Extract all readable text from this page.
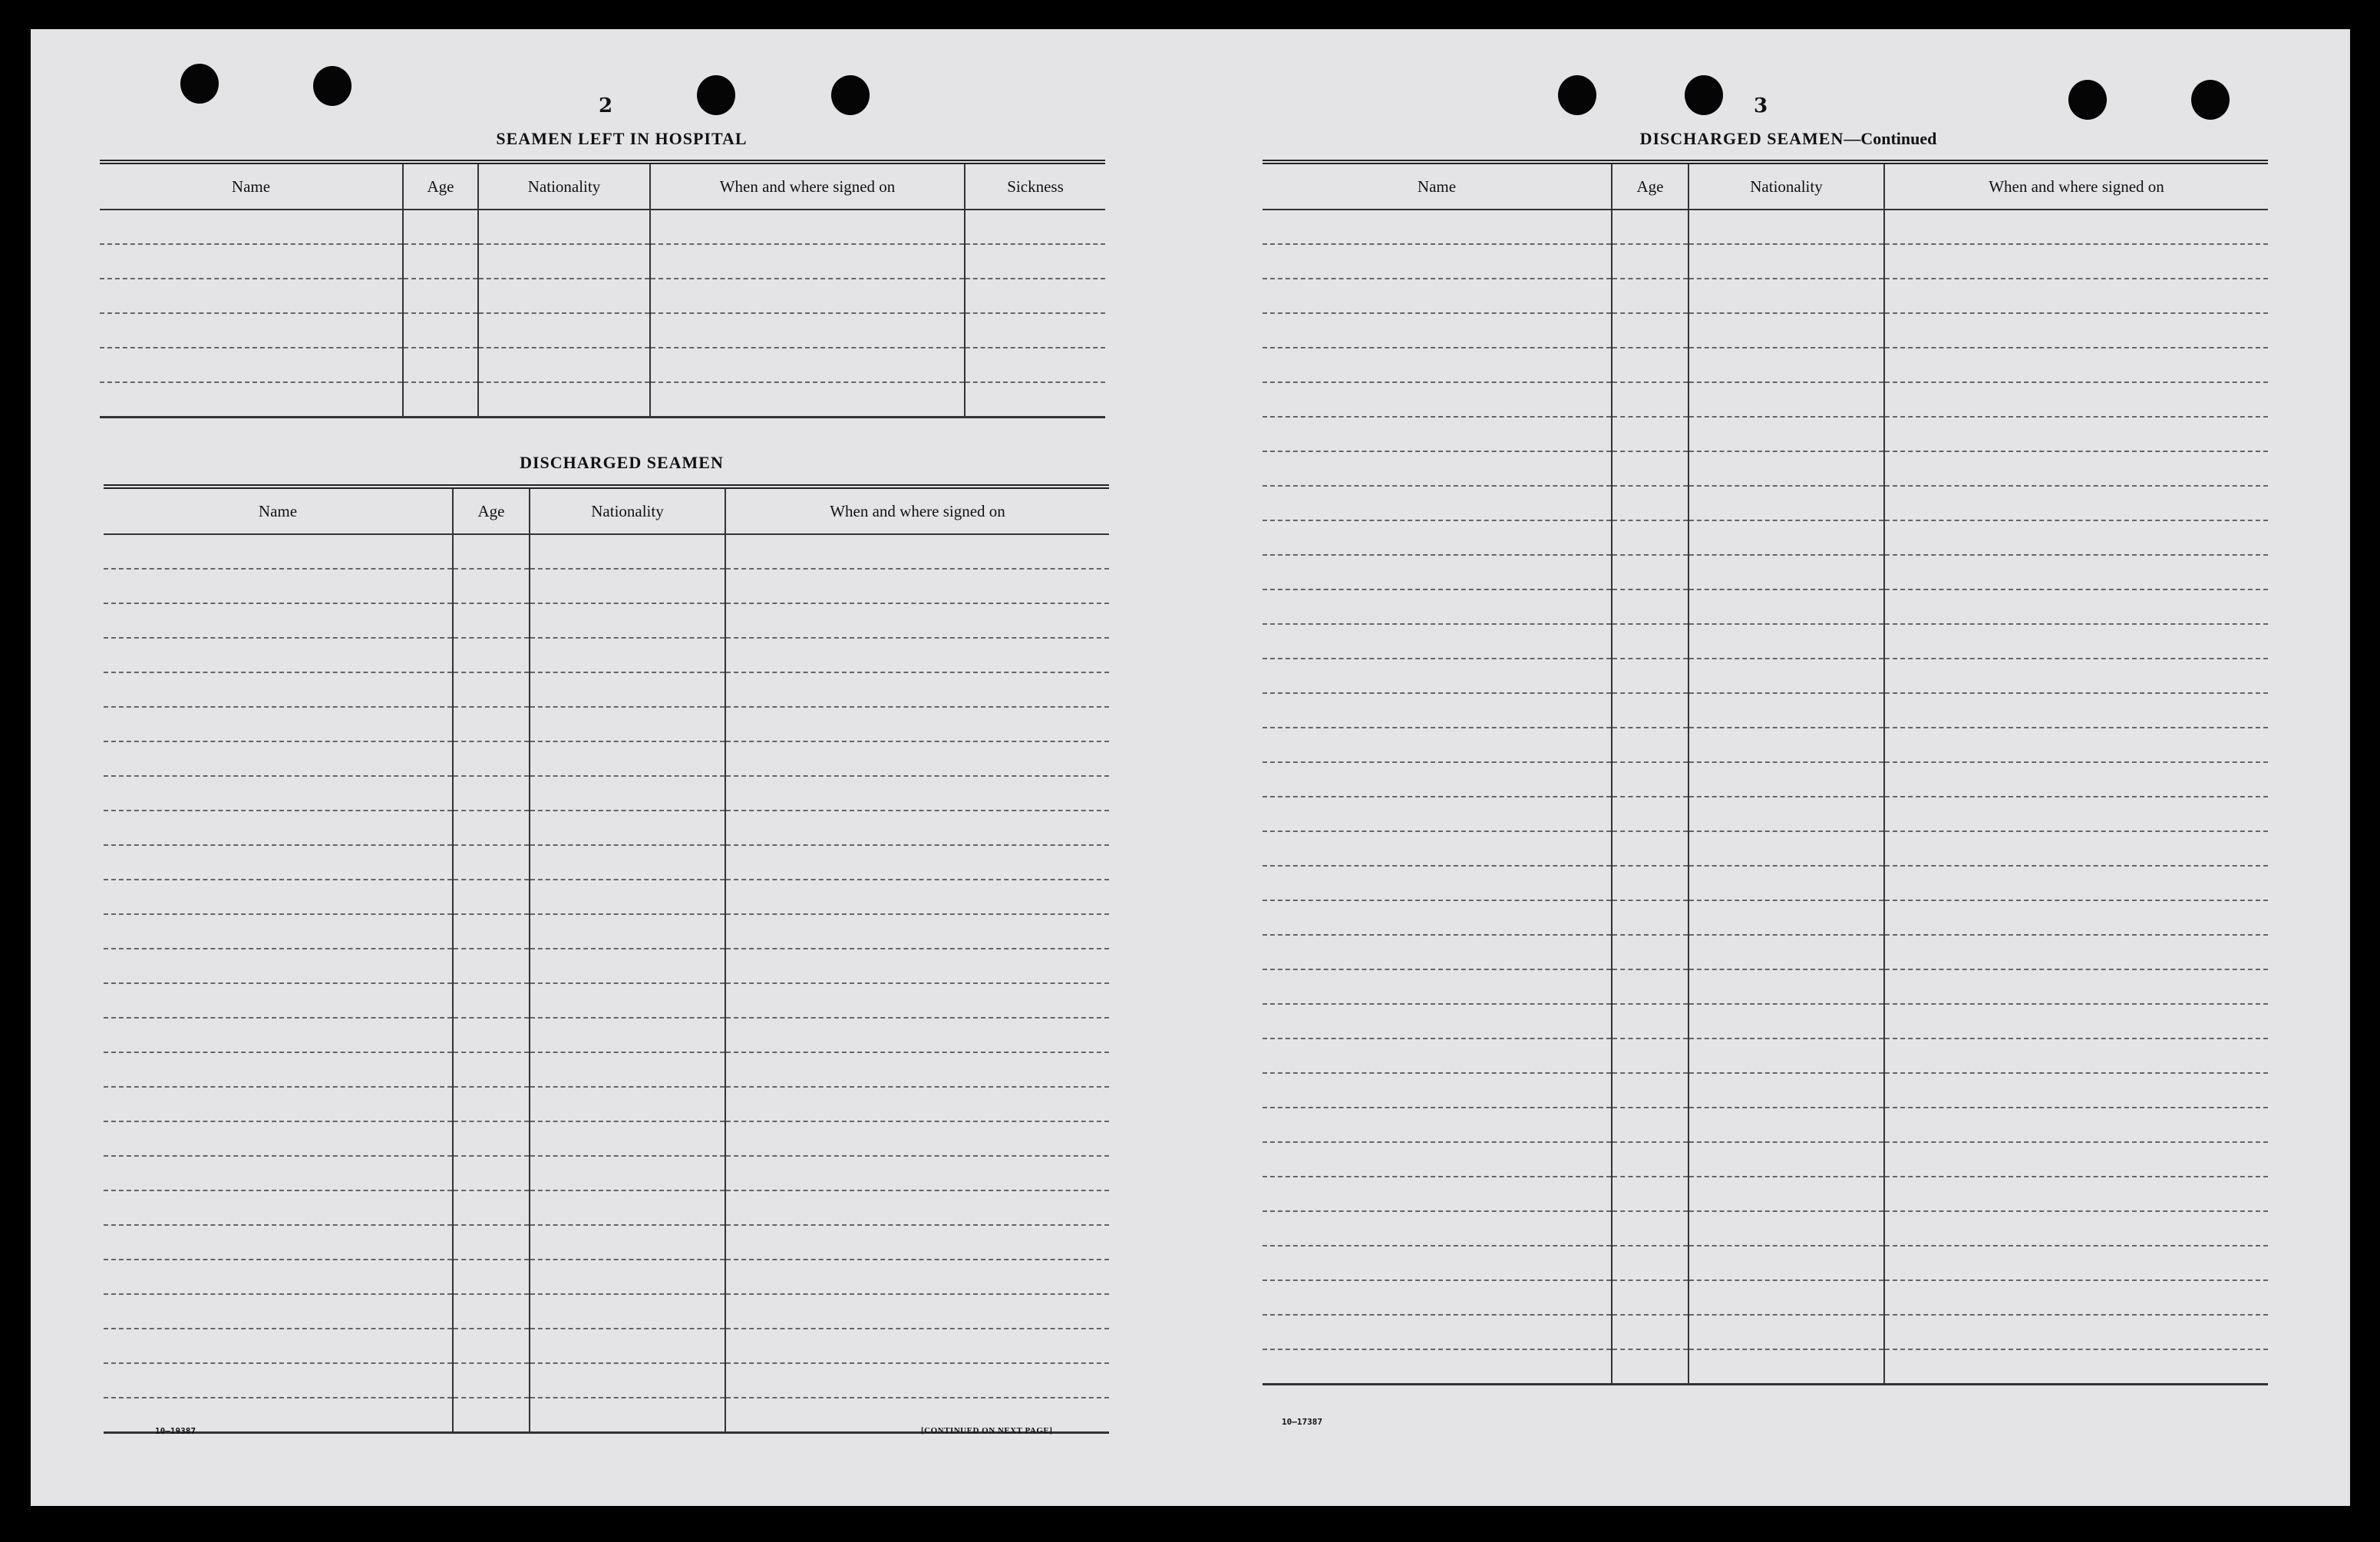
2
SEAMEN LEFT IN HOSPITAL
Name	Age	Nationality	When and where signed on	Sickness

DISCHARGED SEAMEN
Name	Age	Nationality	When and where signed on

10—19387	[CONTINUED ON NEXT PAGE]
3
DISCHARGED SEAMEN—Continued
Name	Age	Nationality	When and where signed on

10—17387
